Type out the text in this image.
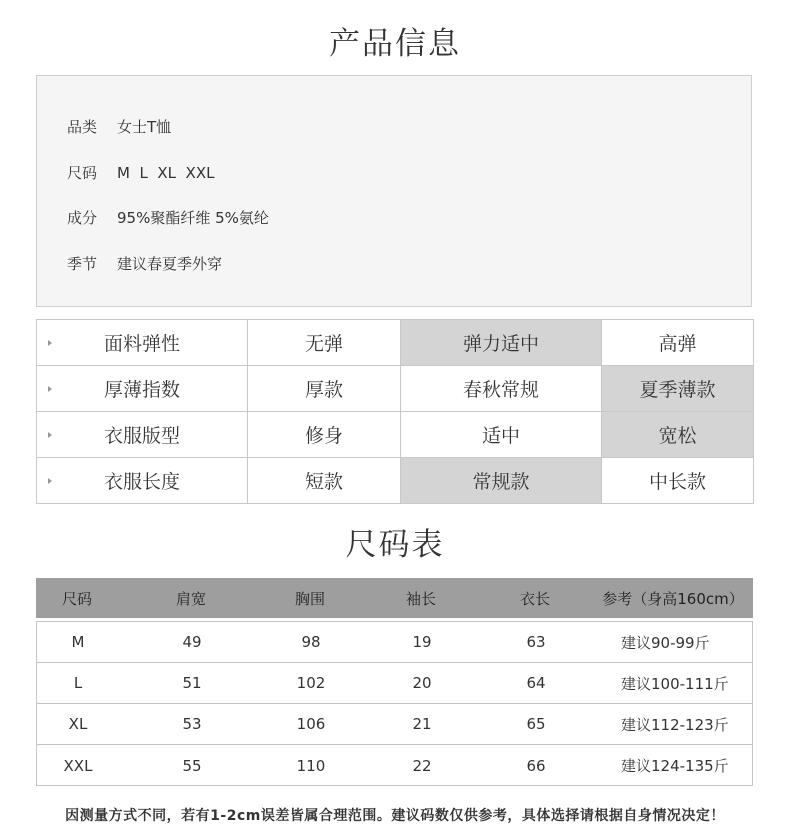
产品信息
品类 女士T恤
尺码 M  L  XL  XXL
成分 95%聚酯纤维 5%氨纶
季节 建议春夏季外穿
面料弹性	无弹	弹力适中	高弹

厚薄指数	厚款	春秋常规	夏季薄款

衣服版型	修身	适中	宽松

衣服长度	短款	常规款	中长款
尺码表
尺码	肩宽	胸围	袖长	衣长	参考（身高160cm）
M	49	98	19	63	建议90-99斤
L	51	102	20	64	建议100-111斤
XL	53	106	21	65	建议112-123斤
XXL	55	110	22	66	建议124-135斤
因测量方式不同，若有1-2cm误差皆属合理范围。建议码数仅供参考，具体选择请根据自身情况决定！
